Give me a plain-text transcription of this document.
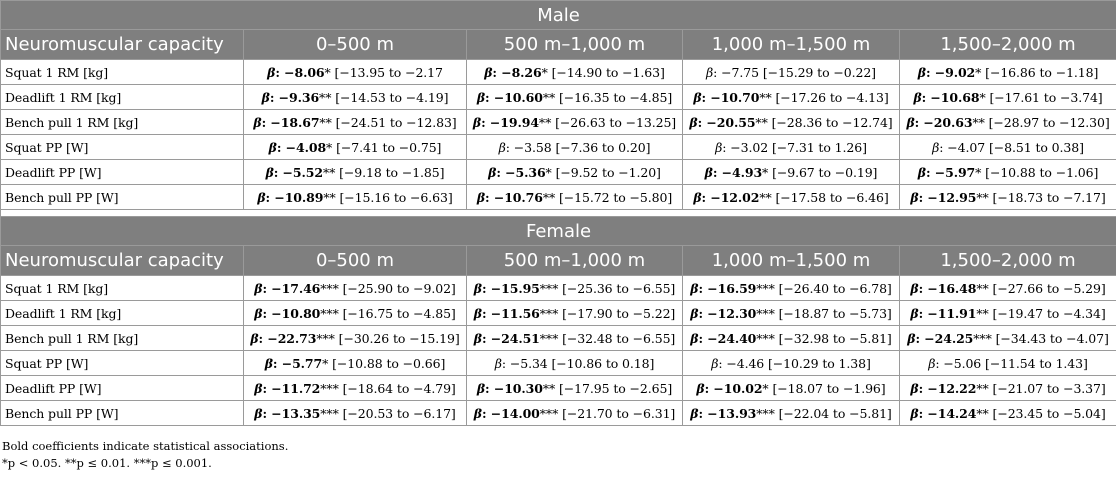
Male				
Neuromuscular capacity	0–500 m	500 m–1,000 m	1,000 m–1,500 m	1,500–2,000 m
Squat 1 RM [kg]	β: −8.06* [−13.95 to −2.17	β: −8.26* [−14.90 to −1.63]	β: −7.75 [−15.29 to −0.22]	β: −9.02* [−16.86 to −1.18]
Deadlift 1 RM [kg]	β: −9.36** [−14.53 to −4.19]	β: −10.60** [−16.35 to −4.85]	β: −10.70** [−17.26 to −4.13]	β: −10.68* [−17.61 to −3.74]
Bench pull 1 RM [kg]	β: −18.67** [−24.51 to −12.83]	β: −19.94** [−26.63 to −13.25]	β: −20.55** [−28.36 to −12.74]	β: −20.63** [−28.97 to −12.30]
Squat PP [W]	β: −4.08* [−7.41 to −0.75]	β: −3.58 [−7.36 to 0.20]	β: −3.02 [−7.31 to 1.26]	β: −4.07 [−8.51 to 0.38]
Deadlift PP [W]	β: −5.52** [−9.18 to −1.85]	β: −5.36* [−9.52 to −1.20]	β: −4.93* [−9.67 to −0.19]	β: −5.97* [−10.88 to −1.06]
Bench pull PP [W]	β: −10.89** [−15.16 to −6.63]	β: −10.76** [−15.72 to −5.80]	β: −12.02** [−17.58 to −6.46]	β: −12.95** [−18.73 to −7.17]

Female				
Neuromuscular capacity	0–500 m	500 m–1,000 m	1,000 m–1,500 m	1,500–2,000 m
Squat 1 RM [kg]	β: −17.46*** [−25.90 to −9.02]	β: −15.95*** [−25.36 to −6.55]	β: −16.59*** [−26.40 to −6.78]	β: −16.48** [−27.66 to −5.29]
Deadlift 1 RM [kg]	β: −10.80*** [−16.75 to −4.85]	β: −11.56*** [−17.90 to −5.22]	β: −12.30*** [−18.87 to −5.73]	β: −11.91** [−19.47 to −4.34]
Bench pull 1 RM [kg]	β: −22.73*** [−30.26 to −15.19]	β: −24.51*** [−32.48 to −6.55]	β: −24.40*** [−32.98 to −5.81]	β: −24.25*** [−34.43 to −4.07]
Squat PP [W]	β: −5.77* [−10.88 to −0.66]	β: −5.34 [−10.86 to 0.18]	β: −4.46 [−10.29 to 1.38]	β: −5.06 [−11.54 to 1.43]
Deadlift PP [W]	β: −11.72*** [−18.64 to −4.79]	β: −10.30** [−17.95 to −2.65]	β: −10.02* [−18.07 to −1.96]	β: −12.22** [−21.07 to −3.37]
Bench pull PP [W]	β: −13.35*** [−20.53 to −6.17]	β: −14.00*** [−21.70 to −6.31]	β: −13.93*** [−22.04 to −5.81]	β: −14.24** [−23.45 to −5.04]
Bold coefficients indicate statistical associations.
*p < 0.05. **p ≤ 0.01. ***p ≤ 0.001.
